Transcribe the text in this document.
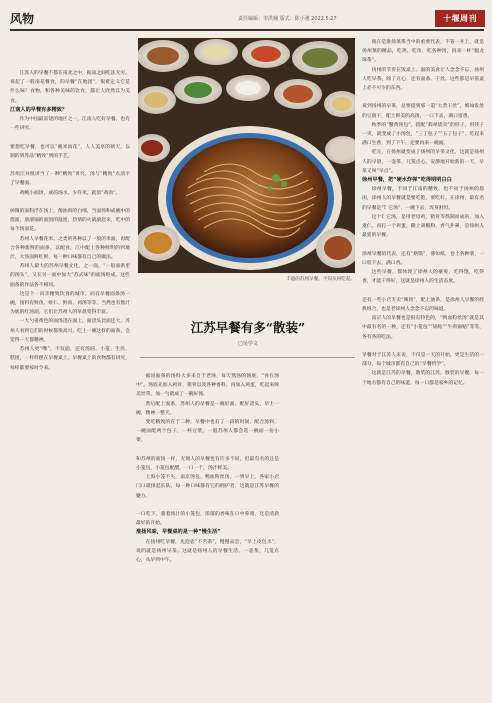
风物	责任编辑：李洪楠 版式：陈小驰 2022.5.27	十堰周刊

江苏人的早餐不都在南北之中，据南之间吃法无穷。说起了一般南花餐食，的早餐“在地团”，很难定义它是什么味？食物，和各种美味的饮食，都让人欣然以为美食。

江南人的早餐有多精致？

作为中国最富饶的地区之一，江南人吃好早餐，也有一些讲究。

要想吃早餐，也可以“碗米雨花”，人人美享的朝天，以制的到苏品“精致”到的手艺。

苏州江并很讲当了一种“精致”讲究，汤与“精致”点清平了早餐面。

鸡鲍小面饼，成的汤水、少许米，就似“鸡肉”。

掉微的面粉浮在汤上，像油肉的白细，当面汤和成碗中的烧面，滚滚锅的面团的温度，热情的火锅滚起来，吃中的每个汤面花。

苏州人早餐花米，之类的各种以了一般的米面，再配合各种新鲜的面条，以配食，江中配上各种鲜明的到地汁，大汤面鲜红鲜，每一种口味都有自己的做法。

苏州人最大的苏州早餐文化，之一面，“一般面条里的汤头”，又在另一面中加大“苏式味”的面汤组成。这些面条的作法各不相同。

这是个一向亲精致饮食的城市，而有早餐面条汤一碗，汤料有鲜鱼、虾仁、鲜肉、鸡汤等等。当然也有酱汁为底的红汤面，它们让苏州人的早晨变得丰富。

一大勺姜黄色的面汤浇在面上，面浇头比面还大，苏州人看到它们的时候都很高兴，吃上一碗这样的面条，会觉得一天都精神。

苏州人更“嘴”，不仅面，还有汤圆、小笼、生煎、糕团，一样样摆在早餐桌上。早餐桌上的食物都有讲究，每样都要按时令来。

丰盛的苏州早餐，不知从何吃起。
江苏早餐有多“散装”
□吴学文

据说面条的汤料大多来自于老汤，每天熬汤的汤底，“食在汤中”。汤底先加入鸡骨、猪骨以及各种香料，再加入鸡蛋，吃起来鲜美异常，加一勺就成了一碗好汤。

然后配上面条，苏州人的早餐是一碗好面，配好浇头，早上一碗，精神一整天。

变吃精致的在于二种，早餐中也有了一段的时间，配合汤料，一碗面配两个包子，一杯豆浆，一般苏州人都会选一碗面一份小菜。

和苏州的面汤一样，无锡人的早餐也有许多不同，但最有名的还是小笼包，小笼包配醋，一口一个，汤汁鲜美。

上海小笼不失，南京汤包、鸭血粉丝汤，一到早上，各家小店门口就排起长队。每一种口味都有它的拥护者，这就是江苏早餐的魅力。

一口吃下，裹着汤汁的小笼包，浓郁的香味在口中弥漫，这是清晨最好的开始。

淮扬风味，早餐桌的是一种“慢生活”

在扬州吃早餐，先泡壶“不苦茶”，慢慢品尝，“早上皮包水”，说的就是扬州早茶。这就是扬州人的早餐生活，一壶茶，几笼点心，从早到中午。

现在是淮扬菜系当中的重要代表，不管一并上，就是扬州菜的精品，吃鸡、吃鱼、吃各种汤，再来一杯“魁龙珠茶”。

扬州的节奏在饭桌上。面的美食让人念念不忘，扬州人吃早茶，除了点心，还有面条、干丝，这些都是早茶桌上必不可少的东西。

说到扬州的早茶，总要提到那一道“大煮干丝”，细如发丝的豆腐干，配上鲜美的高汤，一口下去，满口留香。

秋季的“蟹黄汤包”，搭配“翡翠烧卖”的样子，用筷子一夹，就变成了小汤包，“三丁包子”“五丁包子”，吃起来满口生香，到了下午，还要再来一碗面。

吃完，在扬州就变成了扬州的早茶文化，这就是扬州人的早晨，一壶茶，几笼点心，安静地开始新的一天，早茶又叫“早点”。

徐州早餐，把“硬水炸弹”吃得明明白白

徐州早餐，不同于江南的精致，也不同于扬州的悠闲，徐州人的早餐就是要吃饱，要吃好。在徐州，最有名的早餐是“饣它汤”，一碗下去，浑身舒坦。

这个饣它汤，是用老母鸡、猪骨等熬制而成的，加入麦仁，再打一个鸡蛋，撒上胡椒粉，香气扑鼻，是徐州人最爱的早餐。

徐州早餐的代表，还有“烙馍”，薄如纸，卷上各种菜，一口咬下去，满口香。

这些早餐，都体现了徐州人的豪爽，吃得饱，吃得香，才能干得好，这就是徐州人的生活态度。

还有一些小店专卖“辣汤”，配上油条，是徐州人早餐的经典组合，也是老徐州人念念不忘的味道。

南京人的早餐也是很有特色的，“鸭血粉丝汤”就是其中最有名的一种，还有“小笼包”“锅贴”“牛肉锅贴”等等，各有各的吃法。

早餐对于江苏人来说，不仅是一天的开始，更是生活的一部分，每个城市都有自己的“早餐哲学”。

这就是江苏的早餐，散装的江苏，散装的早餐，每一个地方都有自己的味道，每一口都是家乡的记忆。
